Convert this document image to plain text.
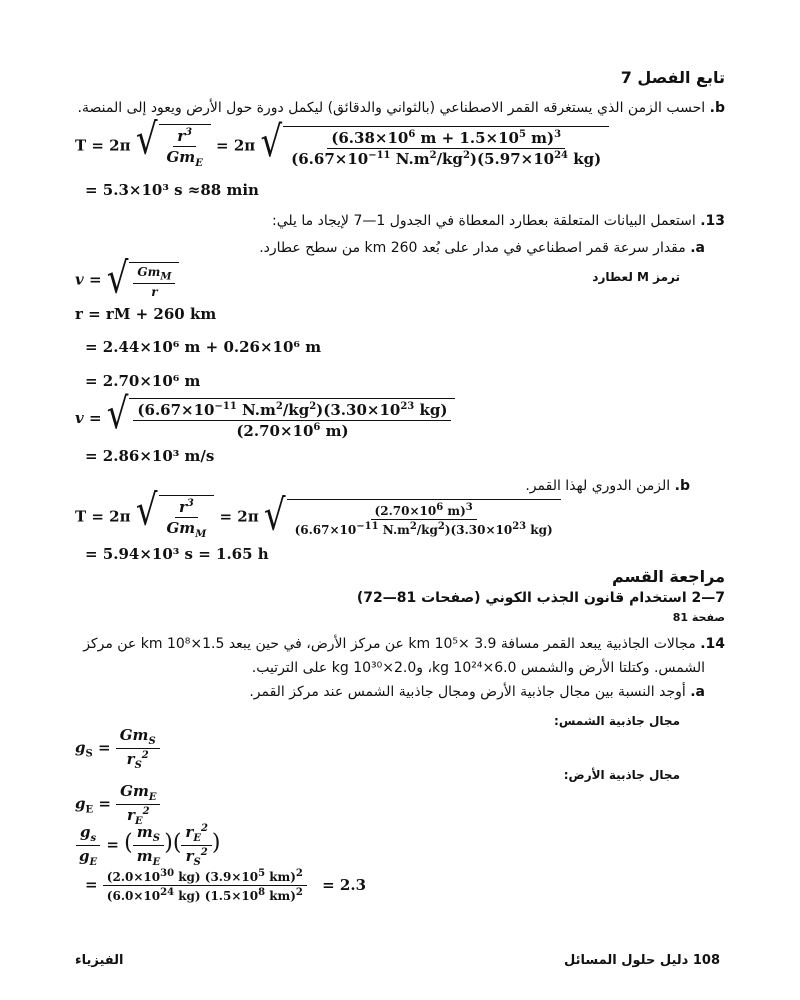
تابع الفصل 7
b. احسب الزمن الذي يستغرقه القمر الاصطناعي (بالثواني والدقائق) ليكمل دورة حول الأرض ويعود إلى المنصة.
T = 2π √ $\frac{r^3}{Gm_E} = 2\pi$ √ $\frac{(6.38\times 10^6 m + 1.5\times 10^5 m)^3}{(6.67\times 10^{-11} N.m^2/kg^2)(5.97\times 10^{24} kg)}$
= 5.3×10³ s ≈88 min
13. استعمل البيانات المتعلقة بعطارد المعطاة في الجدول 1—7 لإيجاد ما يلي:
a. مقدار سرعة قمر اصطناعي في مدار على بُعد 260 km من سطح عطارد.
v = √ $\frac{Gm_M}{r}$	ترمز M لعطارد
r = rM + 260 km
= 2.44×10⁶ m + 0.26×10⁶ m
= 2.70×10⁶ m
v = √ $\frac{(6.67\times 10^{-11} N.m^2/kg^2)(3.30\times 10^{23} kg)}{(2.70\times 10^6 m)}$
= 2.86×10³ m/s
b. الزمن الدوري لهذا القمر.
T = 2π √ $\frac{r^3}{Gm_M} = 2\pi$ √ $\frac{(2.70\times 10^6 m)^3}{(6.67\times 10^{-11} N.m^2/kg^2)(3.30\times 10^{23} kg)}$
= 5.94×10³ s = 1.65 h
مراجعة القسم
7—2 استخدام قانون الجذب الكوني (صفحات 81—72)
صفحة 81
14. مجالات الجاذبية يبعد القمر مسافة 3.9 ×10⁵ km عن مركز الأرض، في حين يبعد 1.5×10⁸ km عن مركز
الشمس. وكتلتا الأرض والشمس 6.0×10²⁴ kg، و2.0×10³⁰ kg على الترتيب.
a. أوجد النسبة بين مجال جاذبية الأرض ومجال جاذبية الشمس عند مركز القمر.
مجال جاذبية الشمس:
$g_S = \frac{Gm_S}{r_S^2}$
مجال جاذبية الأرض:
$g_E = \frac{Gm_E}{r_E^2}$
$\frac{g_s}{g_E}$ = ( $\frac{m_S}{m_E}$ )( $\frac{r_E^2}{r_S^2}$ )
= $\frac{(2.0\times 10^{30} kg) (3.9\times 10^5 km)^2}{(6.0\times 10^{24} kg) (1.5\times 10^8 km)^2} = 2.3$
108 دليل حلول المسائل
الفيزياء
